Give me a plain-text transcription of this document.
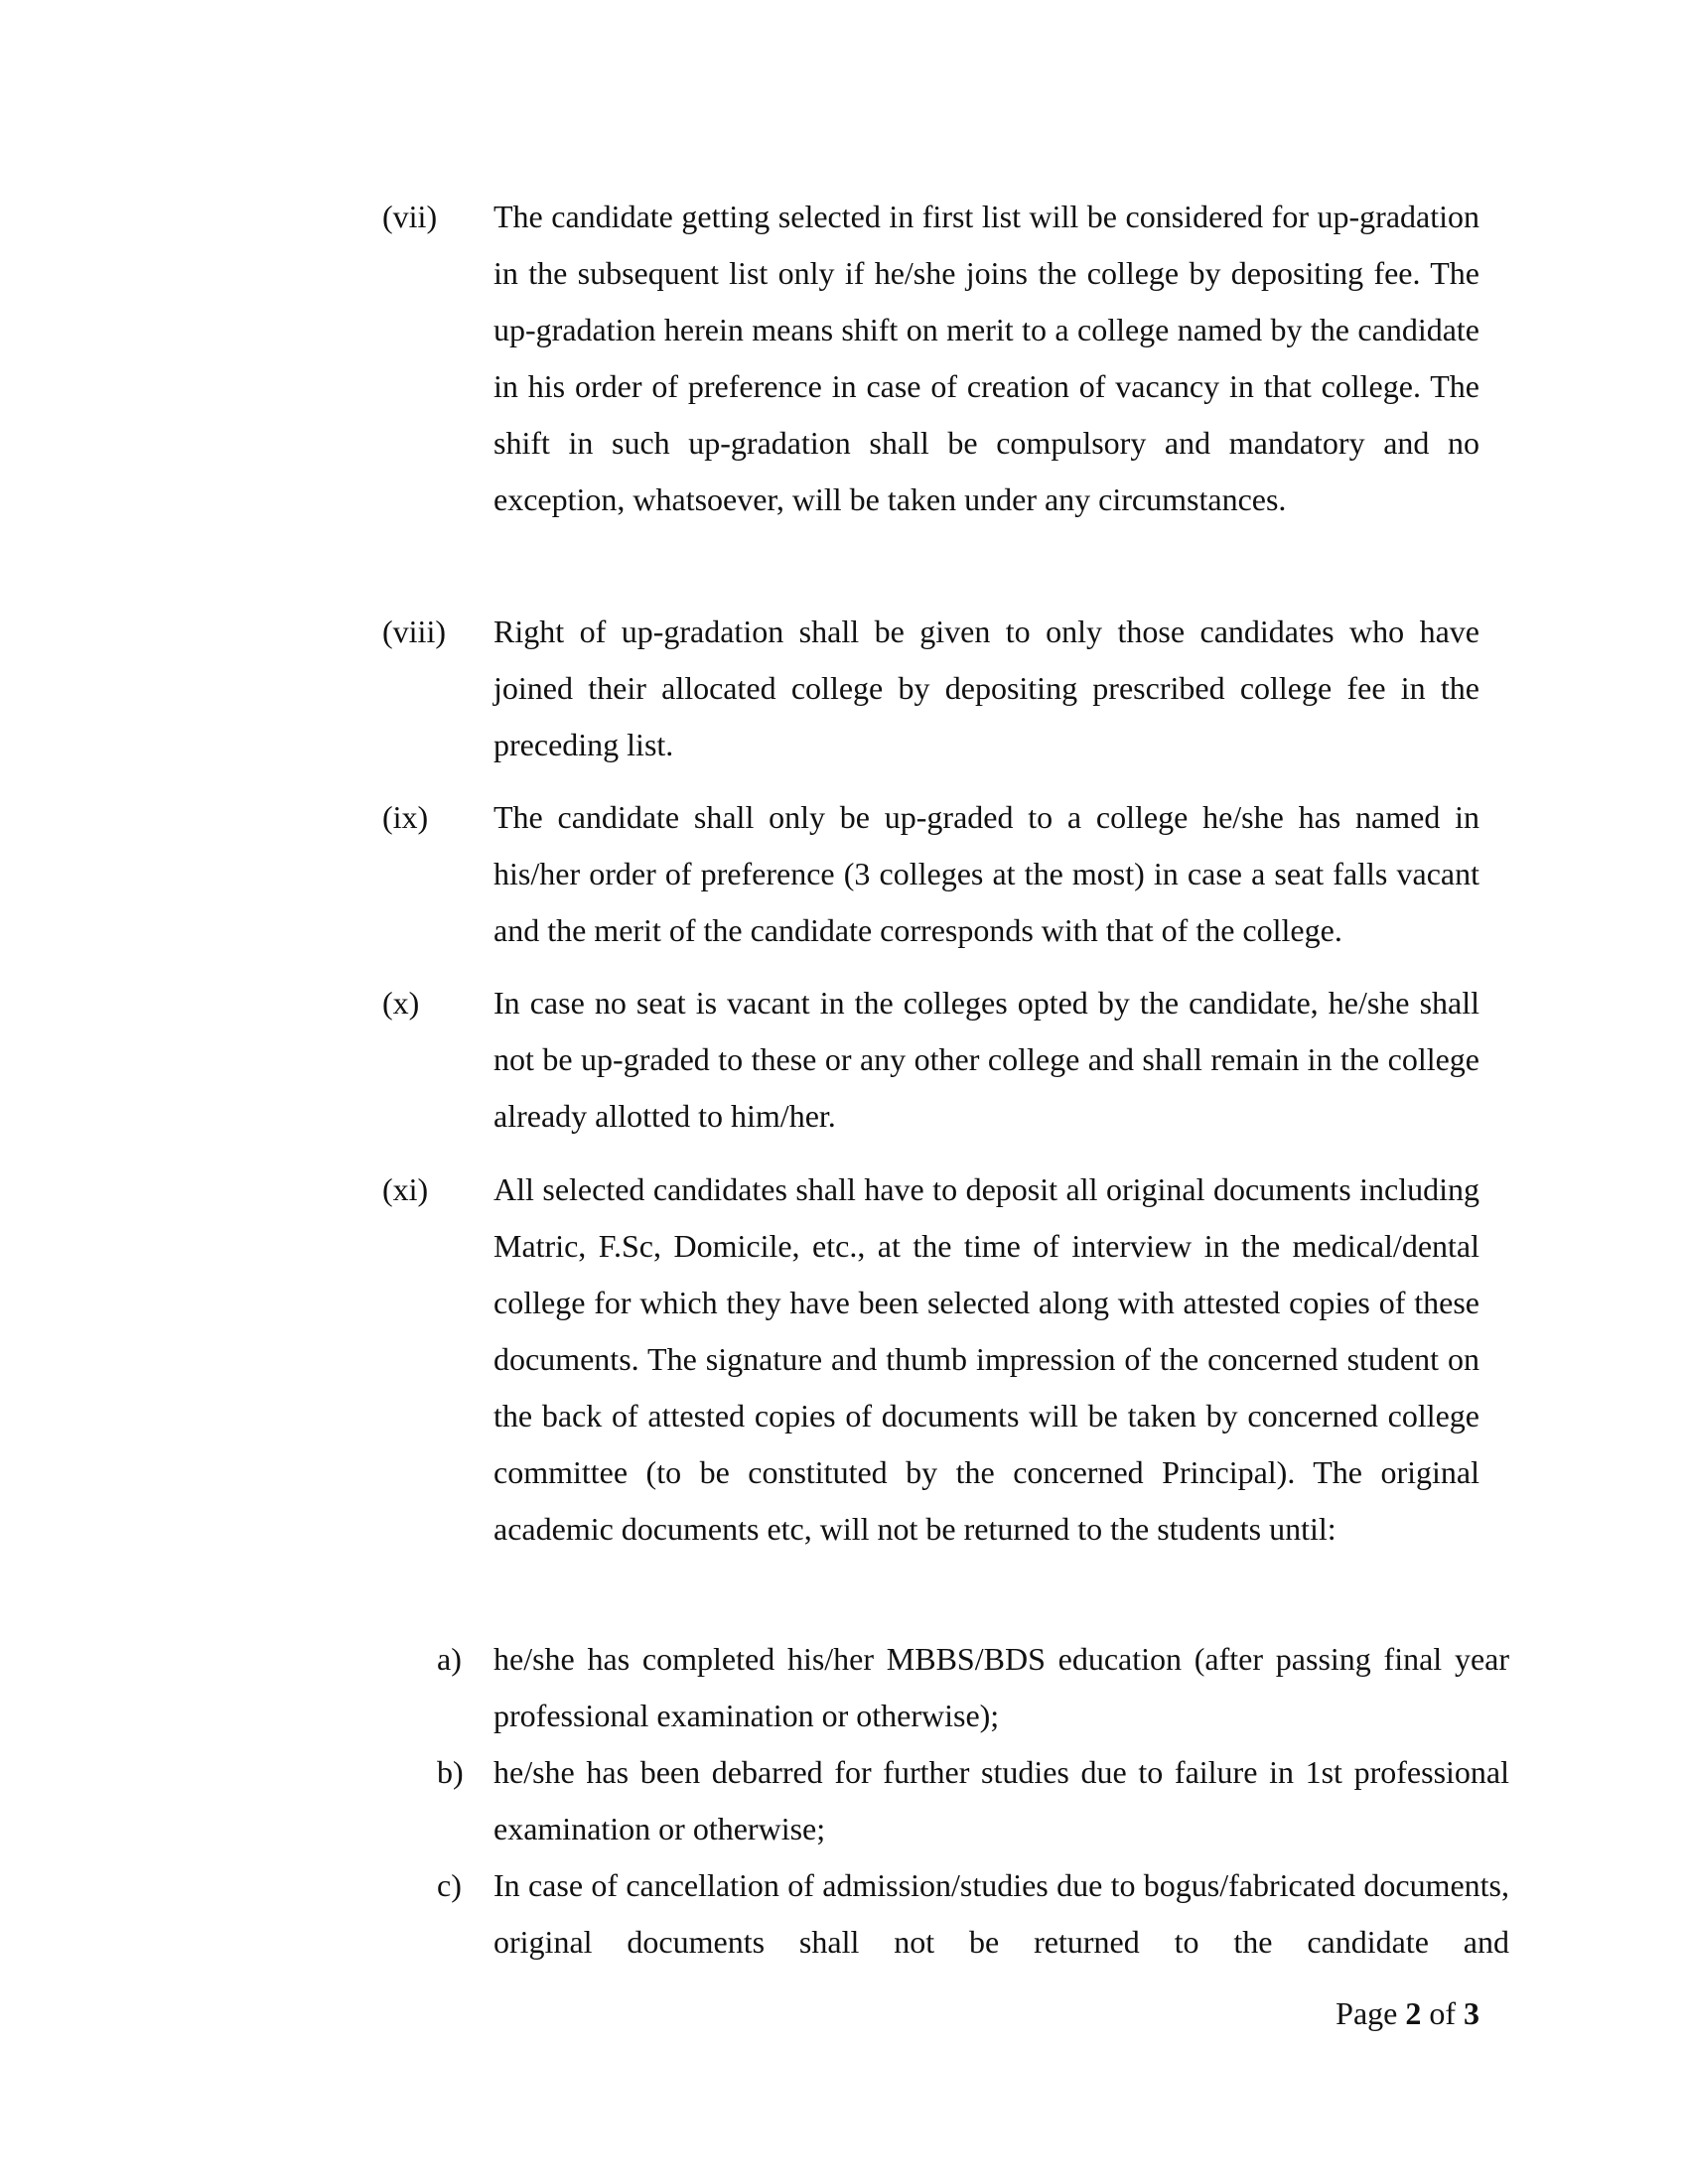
(vii) The candidate getting selected in first list will be considered for up-gradation in the subsequent list only if he/she joins the college by depositing fee. The up-gradation herein means shift on merit to a college named by the candidate in his order of preference in case of creation of vacancy in that college. The shift in such up-gradation shall be compulsory and mandatory and no exception, whatsoever, will be taken under any circumstances.
(viii) Right of up-gradation shall be given to only those candidates who have joined their allocated college by depositing prescribed college fee in the preceding list.
(ix) The candidate shall only be up-graded to a college he/she has named in his/her order of preference (3 colleges at the most) in case a seat falls vacant and the merit of the candidate corresponds with that of the college.
(x) In case no seat is vacant in the colleges opted by the candidate, he/she shall not be up-graded to these or any other college and shall remain in the college already allotted to him/her.
(xi) All selected candidates shall have to deposit all original documents including Matric, F.Sc, Domicile, etc., at the time of interview in the medical/dental college for which they have been selected along with attested copies of these documents. The signature and thumb impression of the concerned student on the back of attested copies of documents will be taken by concerned college committee (to be constituted by the concerned Principal). The original academic documents etc, will not be returned to the students until:
a) he/she has completed his/her MBBS/BDS education (after passing final year professional examination or otherwise);
b) he/she has been debarred for further studies due to failure in 1st professional examination or otherwise;
c) In case of cancellation of admission/studies due to bogus/fabricated documents, original documents shall not be returned to the candidate and
Page 2 of 3
